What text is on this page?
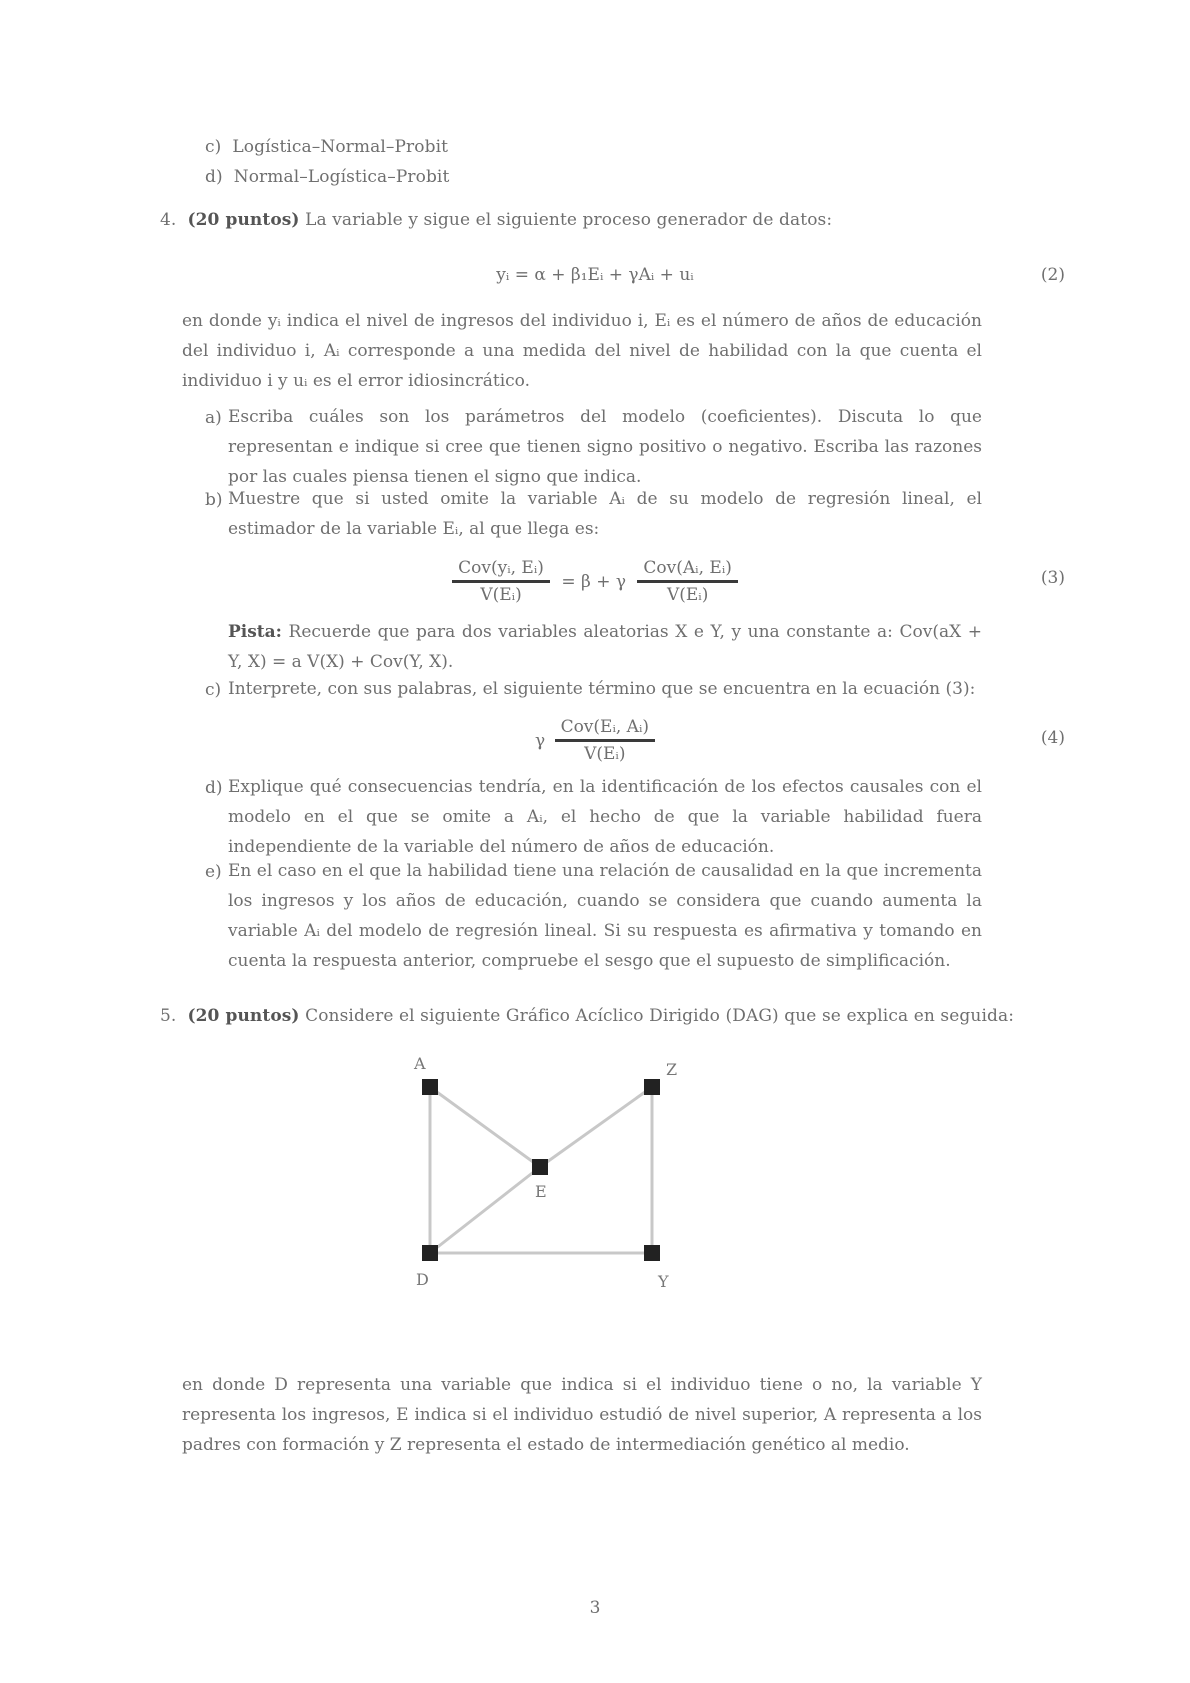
c) Logística–Normal–Probit
d) Normal–Logística–Probit
4. (20 puntos) La variable y sigue el siguiente proceso generador de datos:
yᵢ = α + β₁Eᵢ + γAᵢ + uᵢ	(2)
en donde yᵢ indica el nivel de ingresos del individuo i, Eᵢ es el número de años de educación del individuo i, Aᵢ corresponde a una medida del nivel de habilidad con la que cuenta el individuo i y uᵢ es el error idiosincrático.
a) Escriba cuáles son los parámetros del modelo (coeficientes). Discuta lo que representan e indique si cree que tienen signo positivo o negativo. Escriba las razones por las cuales piensa tienen el signo que indica.
b) Muestre que si usted omite la variable Aᵢ de su modelo de regresión lineal, el estimador de la variable Eᵢ, al que llega es:
$\frac{\text{Cov(yᵢ, Eᵢ)}}{\text{V(Eᵢ)}} = \beta + \gamma \frac{\text{Cov(Aᵢ, Eᵢ)}}{\text{V(Eᵢ)}}$	(3)
Pista: Recuerde que para dos variables aleatorias X e Y, y una constante a: Cov(aX + Y, X) = a V(X) + Cov(Y, X).
c) Interprete, con sus palabras, el siguiente término que se encuentra en la ecuación (3):
γ $\frac{\text{Cov(Eᵢ, Aᵢ)}}{\text{V(Eᵢ)}}$	(4)
d) Explique qué consecuencias tendría, en la identificación de los efectos causales con el modelo en el que se omite a Aᵢ, el hecho de que la variable habilidad fuera independiente de la variable del número de años de educación.
e) En el caso en el que la habilidad tiene una relación de causalidad en la que incrementa los ingresos y los años de educación, cuando se considera que cuando aumenta la variable Aᵢ del modelo de regresión lineal. Si su respuesta es afirmativa y tomando en cuenta la respuesta anterior, compruebe el sesgo que el supuesto de simplificación.
5. (20 puntos) Considere el siguiente Gráfico Acíclico Dirigido (DAG) que se explica en seguida:
A	Z
E
D	Y
en donde D representa una variable que indica si el individuo tiene o no, la variable Y representa los ingresos, E indica si el individuo estudió de nivel superior, A representa a los padres con formación y Z representa el estado de intermediación genético al medio.
3
